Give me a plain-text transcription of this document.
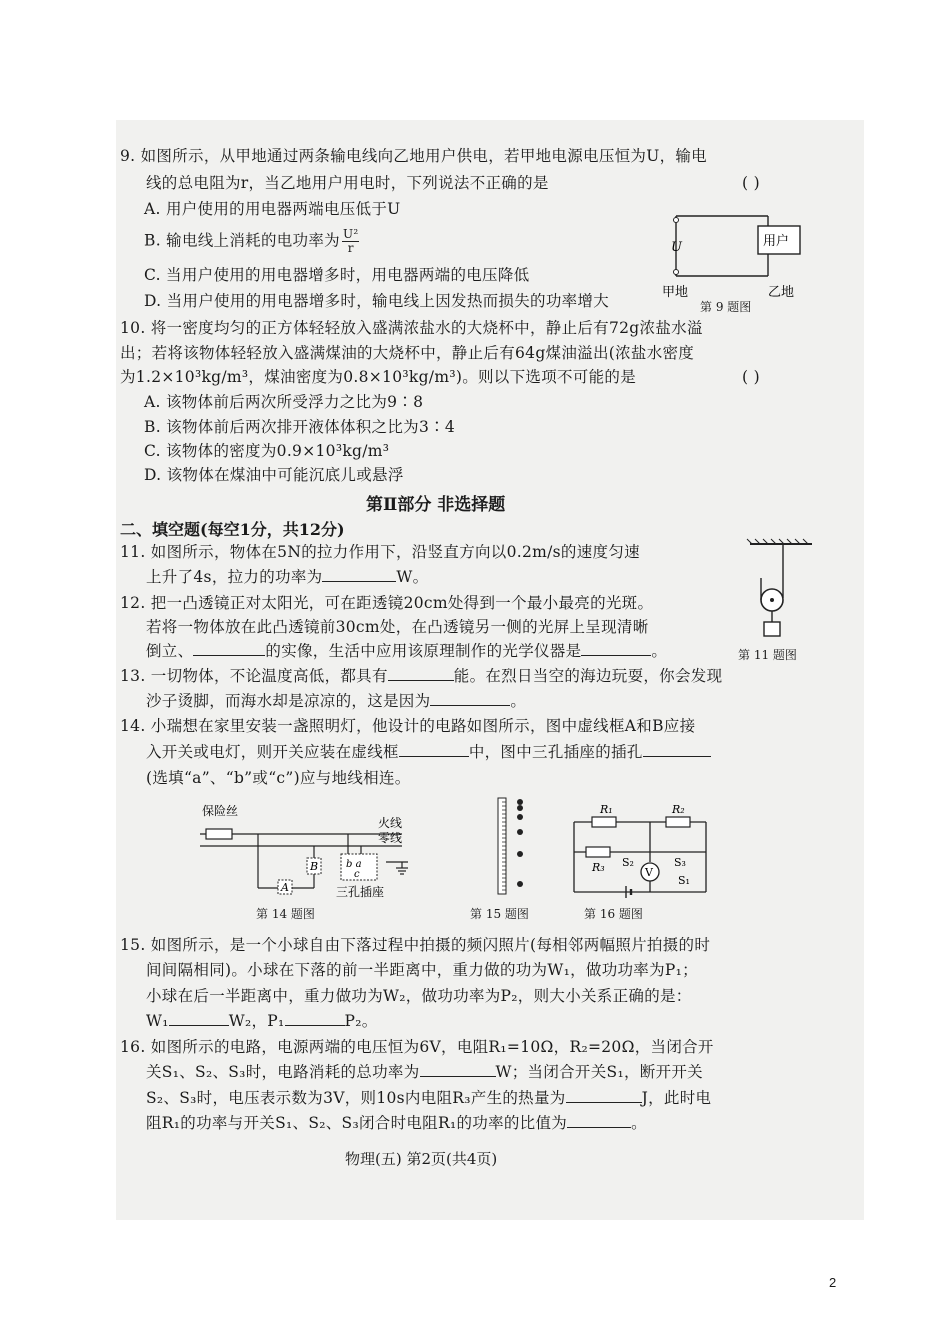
9. 如图所示，从甲地通过两条输电线向乙地用户供电，若甲地电源电压恒为U，输电
线的总电阻为r，当乙地用户用电时，下列说法不正确的是	( )
A. 用户使用的用电器两端电压低于U
B. 输电线上消耗的电功率为 $\frac{\text{U²}}{r}$
C. 当用户使用的用电器增多时，用电器两端的电压降低
D. 当用户使用的用电器增多时，输电线上因发热而损失的功率增大
U	用户
甲地	乙地
第 9 题图
10. 将一密度均匀的正方体轻轻放入盛满浓盐水的大烧杯中，静止后有72g浓盐水溢
出；若将该物体轻轻放入盛满煤油的大烧杯中，静止后有64g煤油溢出(浓盐水密度
为1.2×10³kg/m³，煤油密度为0.8×10³kg/m³)。则以下选项不可能的是	( )
A. 该物体前后两次所受浮力之比为9∶8
B. 该物体前后两次排开液体体积之比为3∶4
C. 该物体的密度为0.9×10³kg/m³
D. 该物体在煤油中可能沉底儿或悬浮
第Ⅱ部分 非选择题
二、填空题(每空1分，共12分)
11. 如图所示，物体在5N的拉力作用下，沿竖直方向以0.2m/s的速度匀速
上升了4s，拉力的功率为	W。
第 11 题图
12. 把一凸透镜正对太阳光，可在距透镜20cm处得到一个最小最亮的光斑。
若将一物体放在此凸透镜前30cm处，在凸透镜另一侧的光屏上呈现清晰
倒立、	的实像，生活中应用该原理制作的光学仪器是	。
13. 一切物体，不论温度高低，都具有	能。在烈日当空的海边玩耍，你会发现
沙子烫脚，而海水却是凉凉的，这是因为	。
14. 小瑞想在家里安装一盏照明灯，他设计的电路如图所示，图中虚线框A和B应接
入开关或电灯，则开关应装在虚线框	中，图中三孔插座的插孔
(选填“a”、“b”或“c”)应与地线相连。
保险丝
火线
零线
A
B	b a
c
三孔插座
第 14 题图	第 15 题图
R₁	R₂
R₃ S₂	S₃
V
S₁
第 16 题图
15. 如图所示，是一个小球自由下落过程中拍摄的频闪照片(每相邻两幅照片拍摄的时
间间隔相同)。小球在下落的前一半距离中，重力做的功为W₁，做功功率为P₁；
小球在后一半距离中，重力做功为W₂，做功功率为P₂，则大小关系正确的是：
W₁	W₂，P₁	P₂。
16. 如图所示的电路，电源两端的电压恒为6V，电阻R₁=10Ω，R₂=20Ω，当闭合开
关S₁、S₂、S₃时，电路消耗的总功率为	W；当闭合开关S₁，断开开关
S₂、S₃时，电压表示数为3V，则10s内电阻R₃产生的热量为	J，此时电
阻R₁的功率与开关S₁、S₂、S₃闭合时电阻R₁的功率的比值为	。
物理(五) 第2页(共4页)
2
